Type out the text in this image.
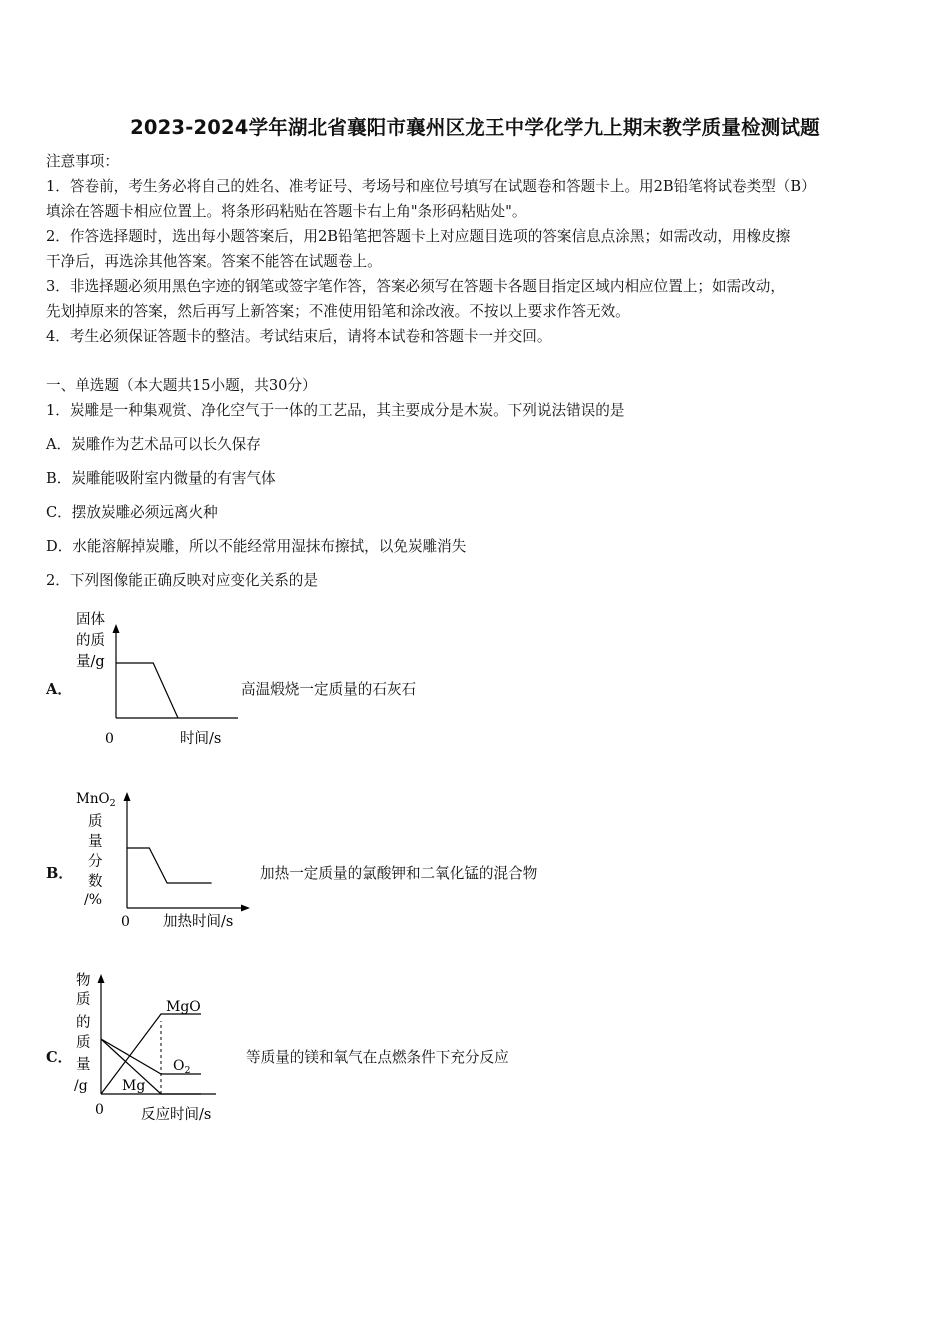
2023-2024学年湖北省襄阳市襄州区龙王中学化学九上期末教学质量检测试题
注意事项：
1．答卷前，考生务必将自己的姓名、准考证号、考场号和座位号填写在试题卷和答题卡上。用2B铅笔将试卷类型（B）
填涂在答题卡相应位置上。将条形码粘贴在答题卡右上角"条形码粘贴处"。
2．作答选择题时，选出每小题答案后，用2B铅笔把答题卡上对应题目选项的答案信息点涂黑；如需改动，用橡皮擦
干净后，再选涂其他答案。答案不能答在试题卷上。
3．非选择题必须用黑色字迹的钢笔或签字笔作答，答案必须写在答题卡各题目指定区域内相应位置上；如需改动，
先划掉原来的答案，然后再写上新答案；不准使用铅笔和涂改液。不按以上要求作答无效。
4．考生必须保证答题卡的整洁。考试结束后，请将本试卷和答题卡一并交回。
一、单选题（本大题共15小题，共30分）
1．炭雕是一种集观赏、净化空气于一体的工艺品，其主要成分是木炭。下列说法错误的是
A．炭雕作为艺术品可以长久保存
B．炭雕能吸附室内微量的有害气体
C．摆放炭雕必须远离火种
D．水能溶解掉炭雕，所以不能经常用湿抹布擦拭，以免炭雕消失
2．下列图像能正确反映对应变化关系的是
A．
固体
的质
量/g
0	时间/s
高温煅烧一定质量的石灰石
B．
MnO$_2$
质
量
分
数
/%
0 加热时间/s
加热一定质量的氯酸钾和二氧化锰的混合物
C．
物
质
的
质
量
/g
MgO
$O_2$
Mg
0	反应时间/s
等质量的镁和氧气在点燃条件下充分反应
